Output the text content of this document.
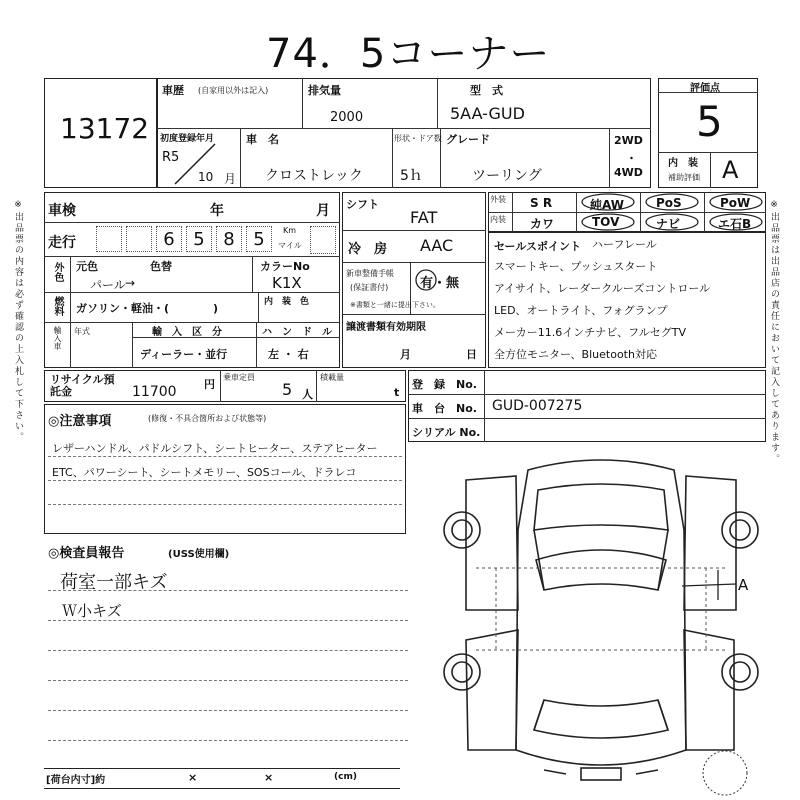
74．5コーナー
13172
車歴 (自家用以外は記入)	排気量
2000
型　式
5AA-GUD
初度登録年月
R5
10 月
車　名
クロストレック
形状・ドア数
5ｈ
グレード
ツーリング
2WD
・
4WD
評価点
5
内　装
補助評価 A
車検	年	月
走行	6	5	8	5	Km
マイル
外色 元色	色替
パール →
カラーNo
K1X
燃料 ガソリン・軽油・(　　　　)	内　装　色
輸入車 年式	輸　入　区　分
ディーラー・並行
ハ　ン　ド　ル
左 ・ 右
シフト
FAT
冷　房 AAC
新車整備手帳
(保証書付) 有・無
※書類と一緒に提出下さい。
譲渡書類有効期限
月	日
外装
内装
S R	純AW	PoS	PoW
カワ	TOV	ナビ	エ石B
セールスポイント ハーフレール
スマートキー、プッシュスタート
アイサイト、レーダークルーズコントロール
LED、オートライト、フォグランプ
メーカー11.6インチナビ、フルセグTV
全方位モニター、Bluetooth対応
リサイクル預託金	11700 円
乗車定員
5 人
積載量
t
登　録　No.
車　台　No. GUD-007275
シリアル No.
◎注意事項	(修復・不具合箇所および状態等)
レザーハンドル、パドルシフト、シートヒーター、ステアヒーター
ETC、パワーシート、シートメモリー、SOSコール、ドラレコ
◎検査員報告	(USS使用欄)
荷室一部キズ
Ｗ小キズ
A
[荷台内寸]約	×	×	(cm)
※出品票の内容は必ず確認の上入札して下さい。	※出品票は出品店の責任において記入してあります。
